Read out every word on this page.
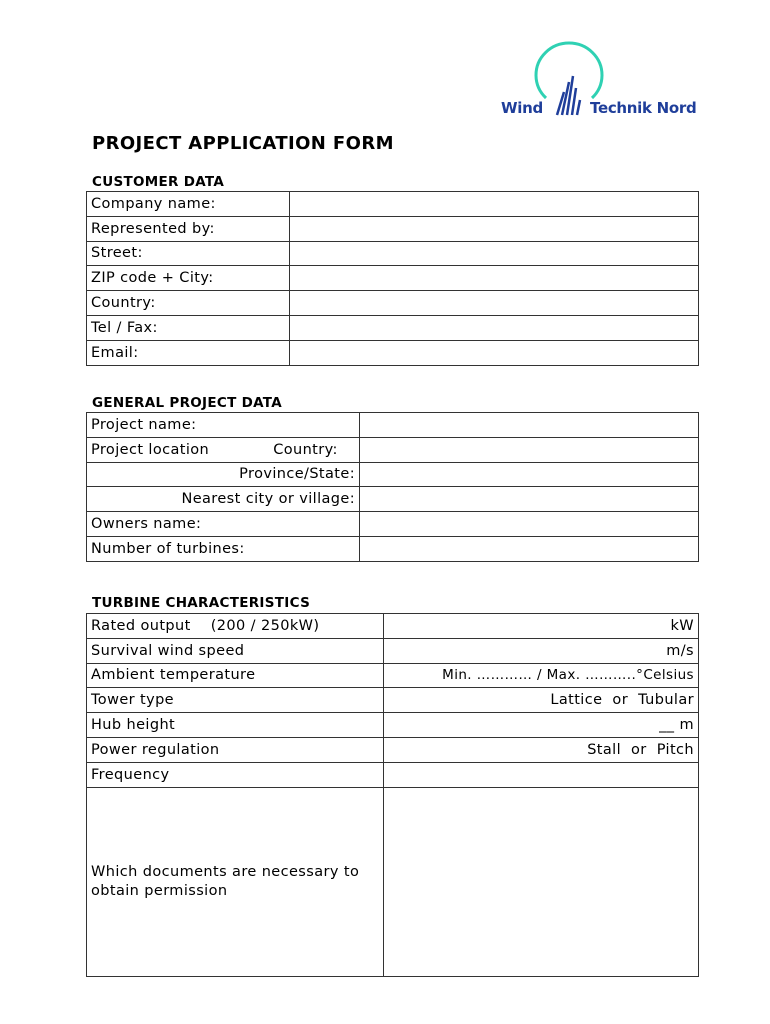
Wind	Technik Nord
PROJECT APPLICATION FORM
CUSTOMER DATA
Company name:	
Represented by:	
Street:	
ZIP code + City:	
Country:	
Tel / Fax:	
Email:	
GENERAL PROJECT DATA
Project name:	
Project location Country:	
Province/State:	
Nearest city or village:	
Owners name:	
Number of turbines:	
TURBINE CHARACTERISTICS
Rated output    (200 / 250kW)	kW
Survival wind speed	m/s
Ambient temperature	Min. ………… / Max. ………..°Celsius
Tower type	Lattice  or  Tubular
Hub height	__ m
Power regulation	Stall  or  Pitch
Frequency	
Which documents are necessary to obtain permission	
